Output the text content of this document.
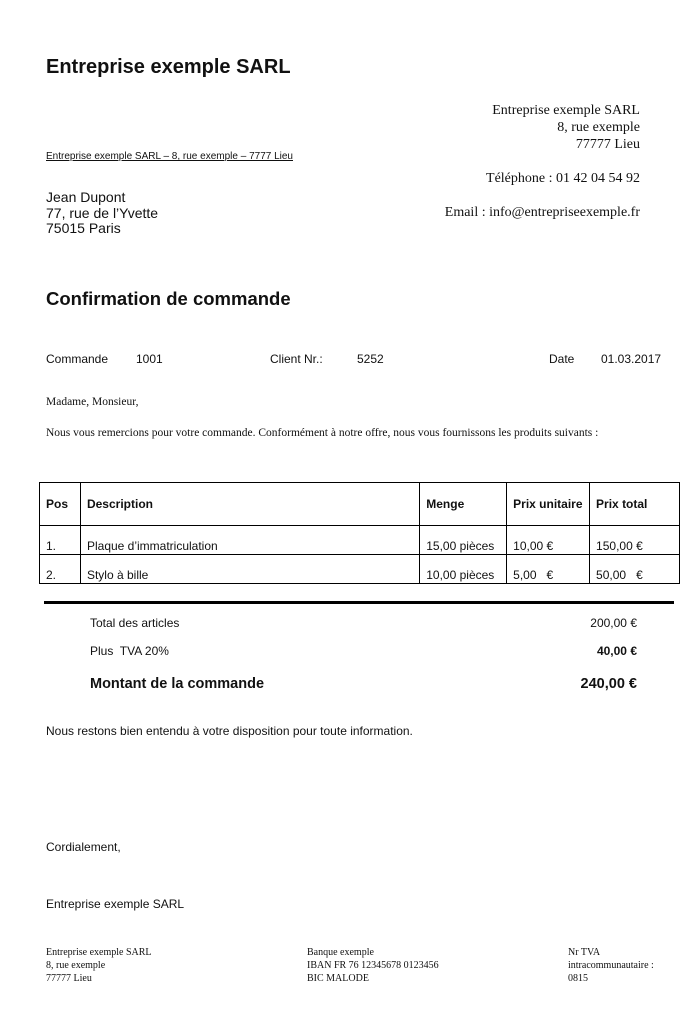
Entreprise exemple SARL
Entreprise exemple SARL
8, rue exemple
77777 Lieu
Téléphone : 01 42 04 54 92
Email : info@entrepriseexemple.fr
Entreprise exemple SARL – 8, rue exemple – 7777 Lieu
Jean Dupont
77, rue de l’Yvette
75015 Paris
Confirmation de commande
Commande 1001	Client Nr.:	5252	Date 01.03.2017
Madame, Monsieur,
Nous vous remercions pour votre commande. Conformément à notre offre, nous vous fournissons les produits suivants :
Pos	Description	Menge	Prix unitaire	Prix total
1.	Plaque d’immatriculation	15,00 pièces	10,00 €	150,00 €
2.	Stylo à bille	10,00 pièces	5,00   €	50,00   €
Total des articles	200,00 €
Plus  TVA 20%	40,00 €
Montant de la commande	240,00 €
Nous restons bien entendu à votre disposition pour toute information.
Cordialement,
Entreprise exemple SARL
Entreprise exemple SARL
8, rue exemple
77777 Lieu
Banque exemple
IBAN FR 76 12345678 0123456
BIC MALODE
Nr TVA
intracommunautaire :
0815
